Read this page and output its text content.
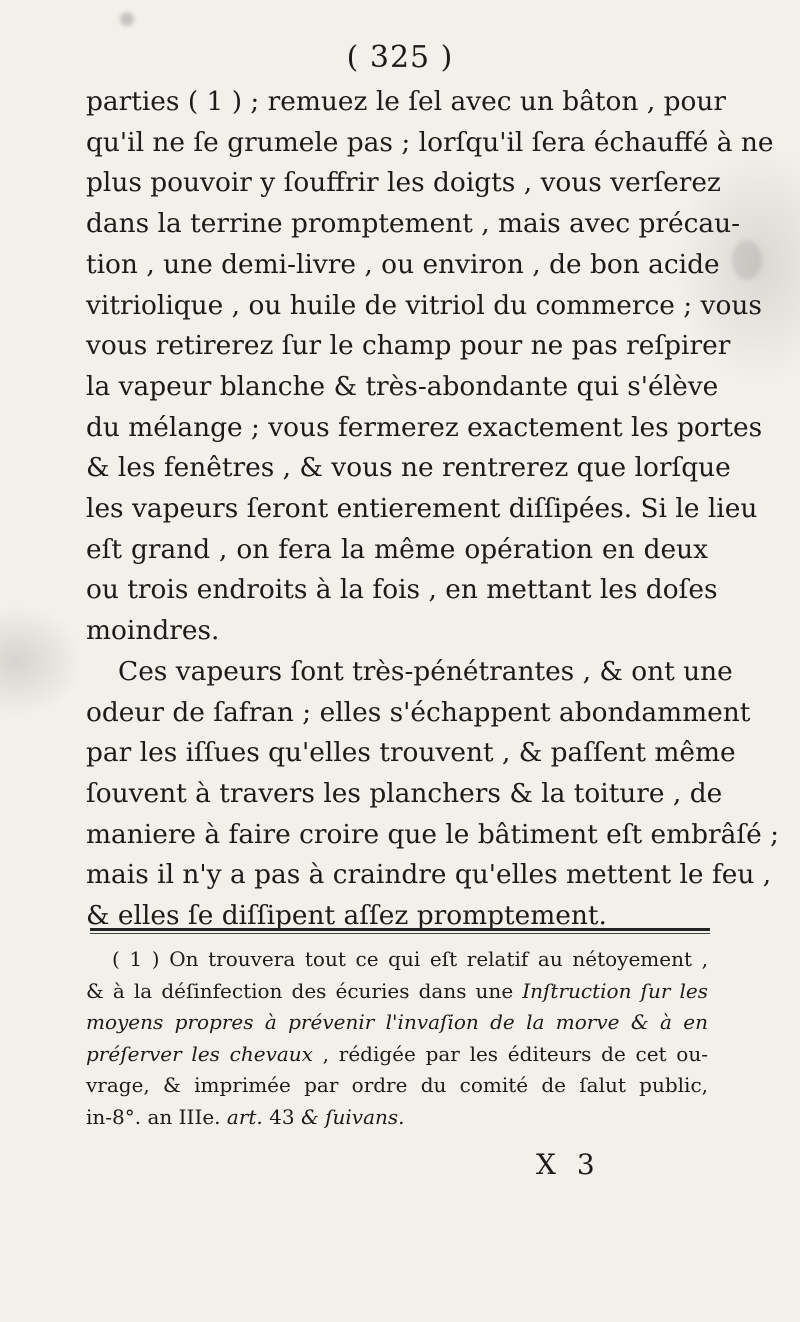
( 325 )
parties ( 1 ) ; remuez le ſel avec un bâton , pour
qu'il ne ſe grumele pas ; lorſqu'il ſera échauffé à ne
plus pouvoir y ſouffrir les doigts , vous verſerez
dans la terrine promptement , mais avec précau-
tion , une demi-livre , ou environ , de bon acide
vitriolique , ou huile de vitriol du commerce ; vous
vous retirerez ſur le champ pour ne pas reſpirer
la vapeur blanche & très-abondante qui s'élève
du mélange ; vous fermerez exactement les portes
& les fenêtres , & vous ne rentrerez que lorſque
les vapeurs ſeront entierement diſſipées. Si le lieu
eſt grand , on fera la même opération en deux
ou trois endroits à la fois , en mettant les doſes
moindres.
Ces vapeurs ſont très-pénétrantes , & ont une
odeur de ſafran ; elles s'échappent abondamment
par les iſſues qu'elles trouvent , & paſſent même
ſouvent à travers les planchers & la toiture , de
maniere à faire croire que le bâtiment eſt embrâſé ;
mais il n'y a pas à craindre qu'elles mettent le feu ,
& elles ſe diſſipent aſſez promptement.
( 1 ) On trouvera tout ce qui eſt relatif au nétoyement ,
& à la déſinfection des écuries dans une Inſtruction ſur les
moyens propres à prévenir l'invaſion de la morve & à en
préſerver les chevaux , rédigée par les éditeurs de cet ou-
vrage, & imprimée par ordre du comité de ſalut public,
in-8°. an IIIe. art. 43 & ſuivans.
X 3
